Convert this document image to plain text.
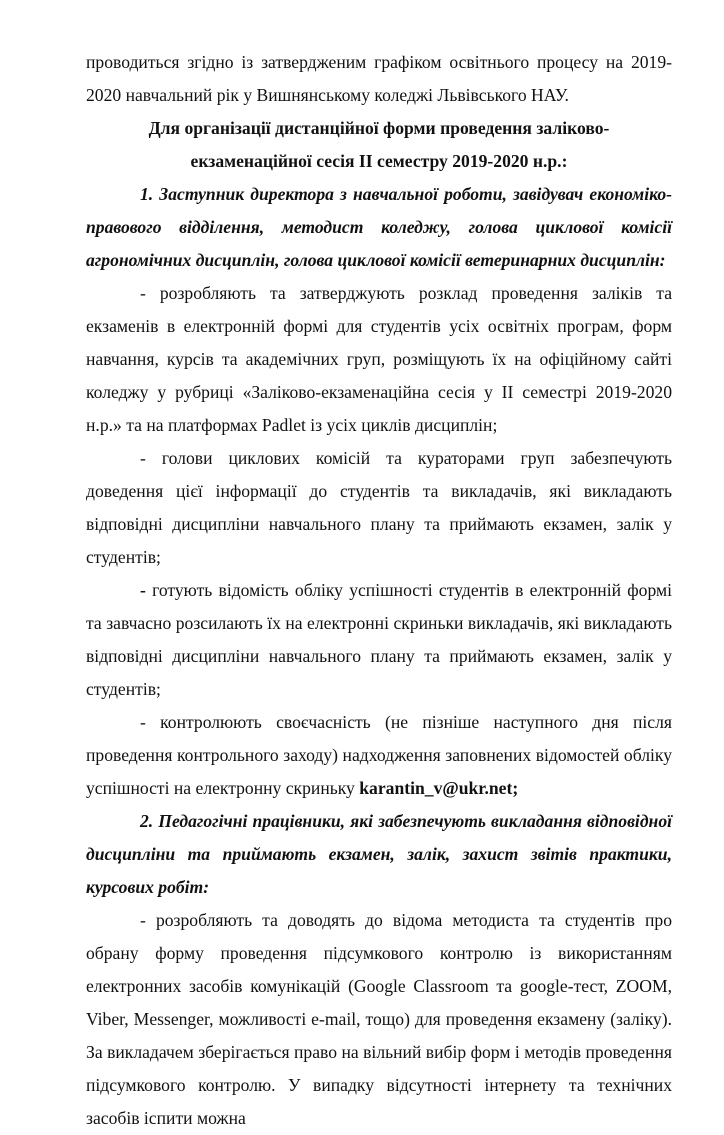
проводиться згідно із затвердженим графіком освітнього процесу на 2019-2020 навчальний рік у Вишнянському коледжі Львівського НАУ.

Для організації дистанційної форми проведення заліково-екзаменаційної сесія ІІ семестру 2019-2020 н.р.:

1. Заступник директора з навчальної роботи, завідувач економіко-правового відділення, методист коледжу, голова циклової комісії агрономічних дисциплін, голова циклової комісії ветеринарних дисциплін:

- розробляють та затверджують розклад проведення заліків та екзаменів в електронній формі для студентів усіх освітніх програм, форм навчання, курсів та академічних груп, розміщують їх на офіційному сайті коледжу у рубриці «Заліково-екзаменаційна сесія у ІІ семестрі 2019-2020 н.р.» та на платформах Padlet із усіх циклів дисциплін;

- голови циклових комісій та кураторами груп забезпечують доведення цієї інформації до студентів та викладачів, які викладають відповідні дисципліни навчального плану та приймають екзамен, залік у студентів;

- готують відомість обліку успішності студентів в електронній формі та завчасно розсилають їх на електронні скриньки викладачів, які викладають відповідні дисципліни навчального плану та приймають екзамен, залік у студентів;

- контролюють своєчасність (не пізніше наступного дня після проведення контрольного заходу) надходження заповнених відомостей обліку успішності на електронну скриньку karantin_v@ukr.net;

2. Педагогічні працівники, які забезпечують викладання відповідної дисципліни та приймають екзамен, залік, захист звітів практики, курсових робіт:

- розробляють та доводять до відома методиста та студентів про обрану форму проведення підсумкового контролю із використанням електронних засобів комунікацій (Google Classroom та google-тест, ZOOM, Viber, Messenger, можливості e-mail, тощо) для проведення екзамену (заліку). За викладачем зберігається право на вільний вибір форм і методів проведення підсумкового контролю. У випадку відсутності інтернету та технічних засобів іспити можна
